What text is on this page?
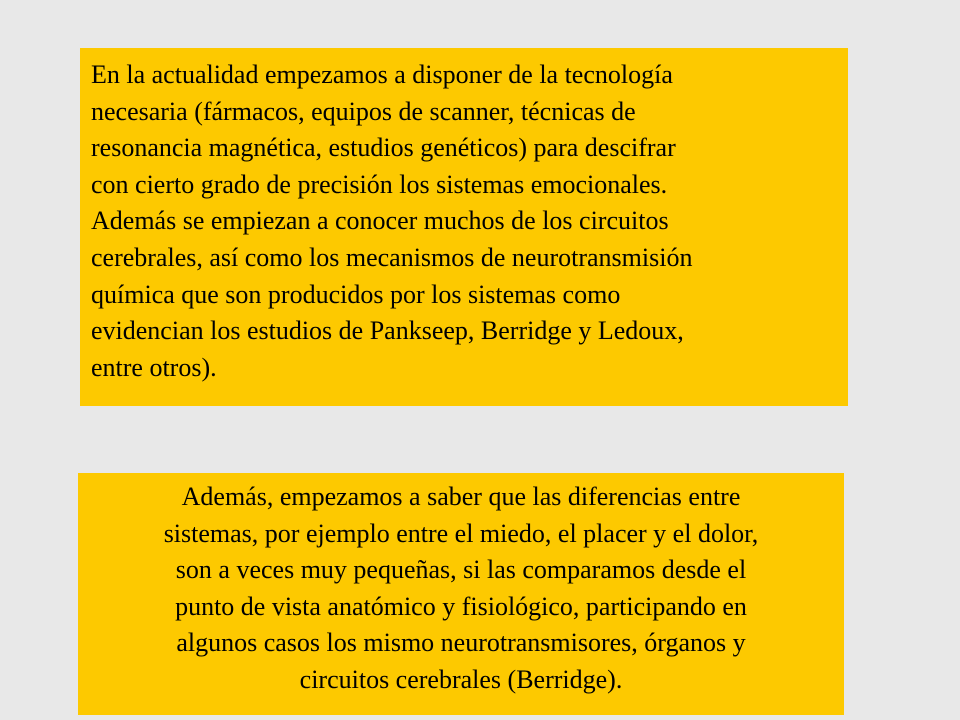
En la actualidad empezamos a disponer de la tecnología
necesaria (fármacos, equipos de scanner, técnicas de
resonancia magnética, estudios genéticos) para descifrar
con cierto grado de precisión los sistemas emocionales.
Además se empiezan a conocer muchos de los circuitos
cerebrales, así como los mecanismos de neurotransmisión
química que son producidos por los sistemas como
evidencian los estudios de Pankseep, Berridge y Ledoux,
entre otros).
Además, empezamos a saber que las diferencias entre
sistemas, por ejemplo entre el miedo, el placer y el dolor,
son a veces muy pequeñas, si las comparamos desde el
punto de vista anatómico y fisiológico, participando en
algunos casos los mismo neurotransmisores, órganos y
circuitos cerebrales (Berridge).
